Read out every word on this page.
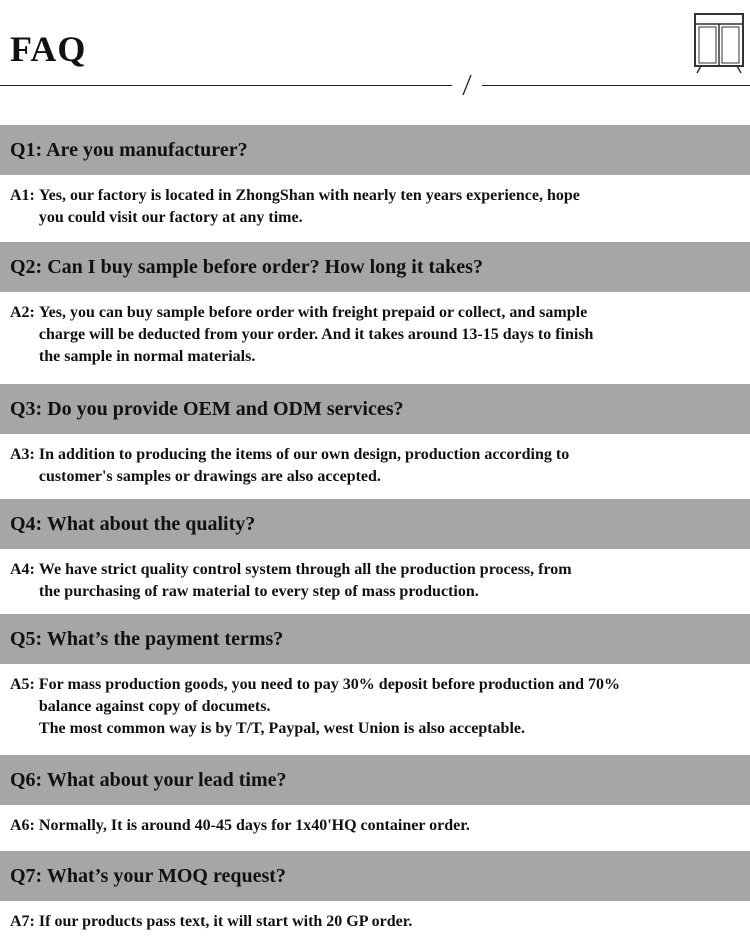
FAQ
Q1: Are you manufacturer?
A1: Yes, our factory is located in ZhongShan with nearly ten years experience, hope
you could visit our factory at any time.
Q2: Can I buy sample before order? How long it takes?
A2: Yes, you can buy sample before order with freight prepaid or collect, and sample
charge will be deducted from your order. And it takes around 13-15 days to finish
the sample in normal materials.
Q3: Do you provide OEM and ODM services?
A3: In addition to producing the items of our own design, production according to
customer's samples or drawings are also accepted.
Q4: What about the quality?
A4: We have strict quality control system through all the production process, from
the purchasing of raw material to every step of mass production.
Q5: What’s the payment terms?
A5: For mass production goods, you need to pay 30% deposit before production and 70%
balance against copy of documets.
The most common way is by T/T, Paypal, west Union is also acceptable.
Q6: What about your lead time?
A6: Normally, It is around 40-45 days for 1x40'HQ container order.
Q7: What’s your MOQ request?
A7: If our products pass text, it will start with 20 GP order.
